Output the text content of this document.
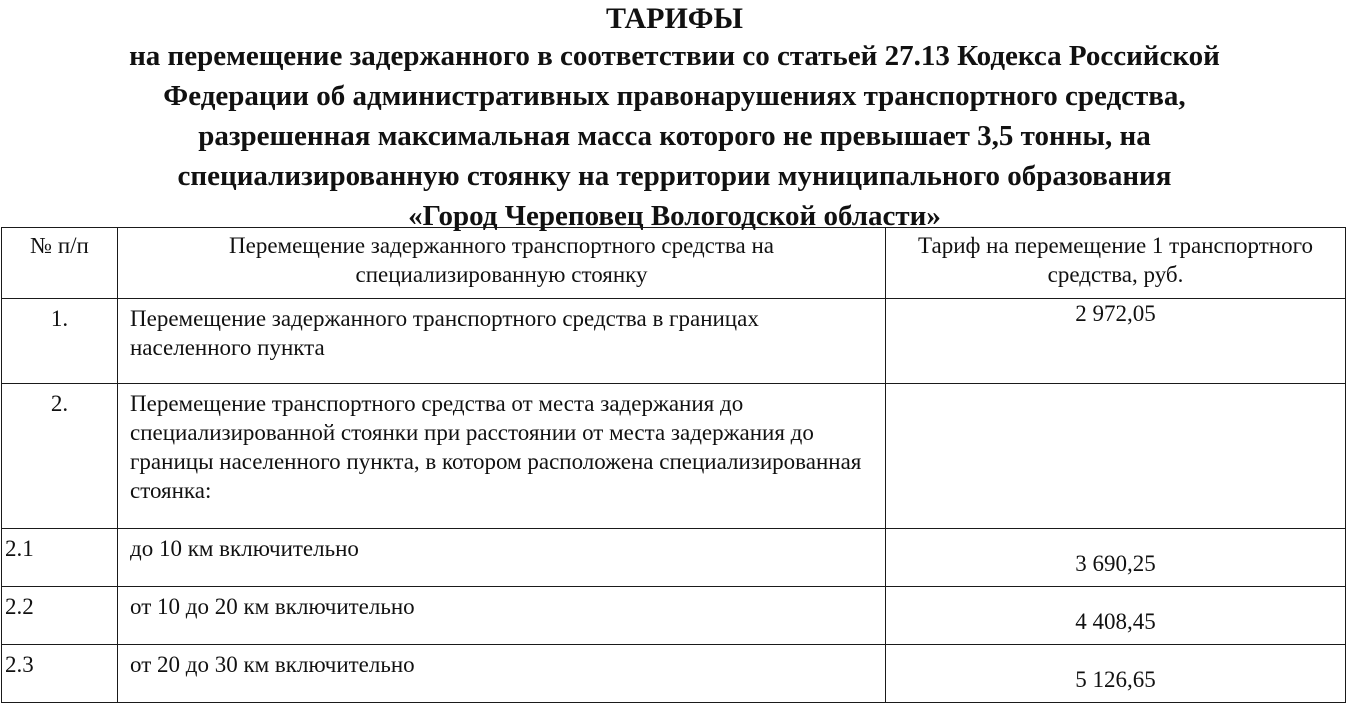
ТАРИФЫ
на перемещение задержанного в соответствии со статьей 27.13 Кодекса Российской
Федерации об административных правонарушениях транспортного средства,
разрешенная максимальная масса которого не превышает 3,5 тонны, на
специализированную стоянку на территории муниципального образования
«Город Череповец Вологодской области»
№ п/п	Перемещение задержанного транспортного средства на специализированную стоянку	Тариф на перемещение 1 транспортного средства, руб.

1.	Перемещение задержанного транспортного средства в границах населенного пункта	2 972,05

2.	Перемещение транспортного средства от места задержания до специализированной стоянки при расстоянии от места задержания до границы населенного пункта, в котором расположена специализированная стоянка:	

2.1	до 10 км включительно	3 690,25

2.2	от 10 до 20 км включительно	4 408,45

2.3	от 20 до 30 км включительно	5 126,65
